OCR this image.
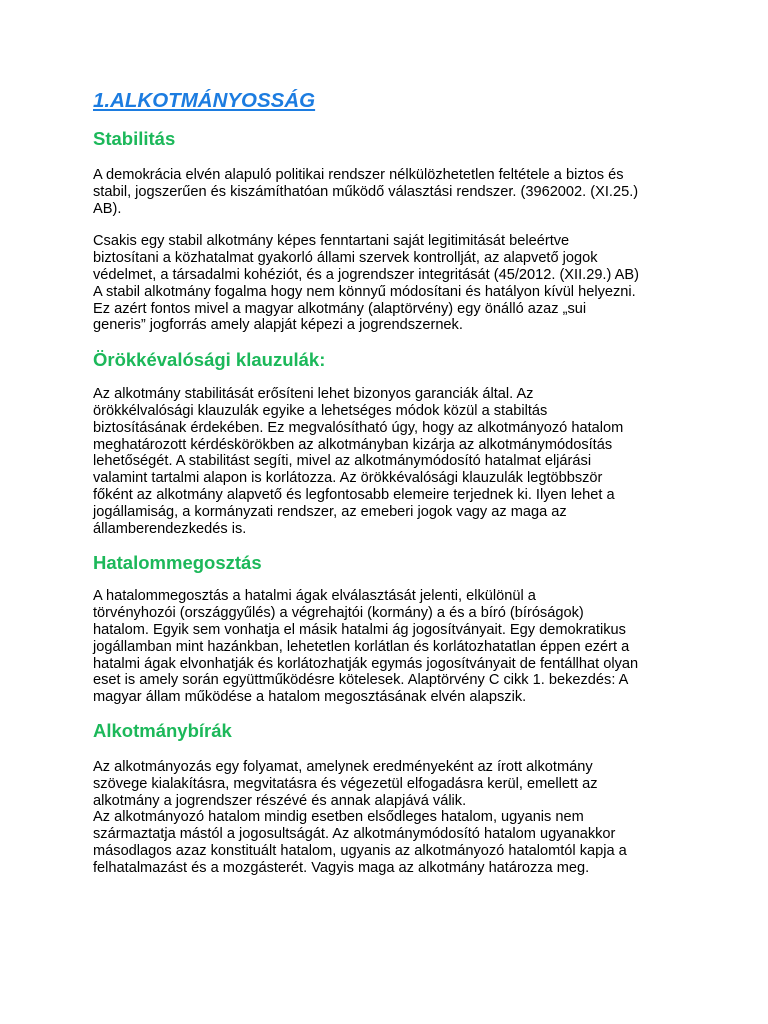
1.ALKOTMÁNYOSSÁG
Stabilitás

A demokrácia elvén alapuló politikai rendszer nélkülözhetetlen feltétele a biztos és
stabil, jogszerűen és kiszámíthatóan működő választási rendszer. (3962002. (XI.25.)
AB).

Csakis egy stabil alkotmány képes fenntartani saját legitimitását beleértve
biztosítani a közhatalmat gyakorló állami szervek kontrollját, az alapvető jogok
védelmet, a társadalmi kohéziót, és a jogrendszer integritását (45/2012. (XII.29.) AB)
A stabil alkotmány fogalma hogy nem könnyű módosítani és hatályon kívül helyezni.
Ez azért fontos mivel a magyar alkotmány (alaptörvény) egy önálló azaz „sui
generis” jogforrás amely alapját képezi a jogrendszernek.

Örökkévalósági klauzulák:

Az alkotmány stabilitását erősíteni lehet bizonyos garanciák által. Az
örökkélvalósági klauzulák egyike a lehetséges módok közül a stabiltás
biztosításának érdekében. Ez megvalósítható úgy, hogy az alkotmányozó hatalom
meghatározott kérdéskörökben az alkotmányban kizárja az alkotmánymódosítás
lehetőségét. A stabilitást segíti, mivel az alkotmánymódosító hatalmat eljárási
valamint tartalmi alapon is korlátozza. Az örökkévalósági klauzulák legtöbbször
főként az alkotmány alapvető és legfontosabb elemeire terjednek ki. Ilyen lehet a
jogállamiság, a kormányzati rendszer, az emeberi jogok vagy az maga az
államberendezkedés is.

Hatalommegosztás

A hatalommegosztás a hatalmi ágak elválasztását jelenti, elkülönül a
törvényhozói (országgyűlés) a végrehajtói (kormány) a és a bíró (bíróságok)
hatalom. Egyik sem vonhatja el másik hatalmi ág jogosítványait. Egy demokratikus
jogállamban mint hazánkban, lehetetlen korlátlan és korlátozhatatlan éppen ezért a
hatalmi ágak elvonhatják és korlátozhatják egymás jogosítványait de fentállhat olyan
eset is amely során együttműködésre kötelesek. Alaptörvény C cikk 1. bekezdés: A
magyar állam működése a hatalom megosztásának elvén alapszik.

Alkotmánybírák

Az alkotmányozás egy folyamat, amelynek eredményeként az írott alkotmány
szövege kialakításra, megvitatásra és végezetül elfogadásra kerül, emellett az
alkotmány a jogrendszer részévé és annak alapjává válik.
Az alkotmányozó hatalom mindig esetben elsődleges hatalom, ugyanis nem
származtatja mástól a jogosultságát. Az alkotmánymódosító hatalom ugyanakkor
másodlagos azaz konstituált hatalom, ugyanis az alkotmányozó hatalomtól kapja a
felhatalmazást és a mozgásterét. Vagyis maga az alkotmány határozza meg.
